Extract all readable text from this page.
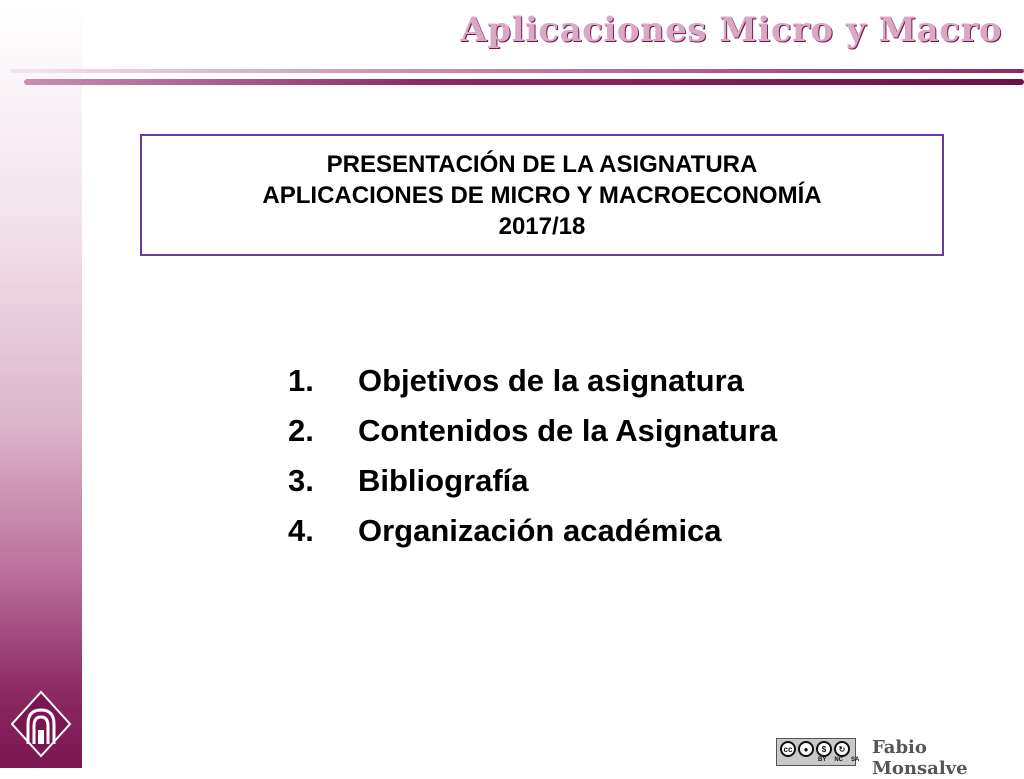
Aplicaciones Micro y Macro
PRESENTACIÓN DE LA ASIGNATURA
APLICACIONES DE MICRO Y MACROECONOMÍA
2017/18
1.	Objetivos de la asignatura
2.	Contenidos de la Asignatura
3.	Bibliografía
4.	Organización académica
cc	●	$	↻
BY NC SA
Fabio Monsalve
